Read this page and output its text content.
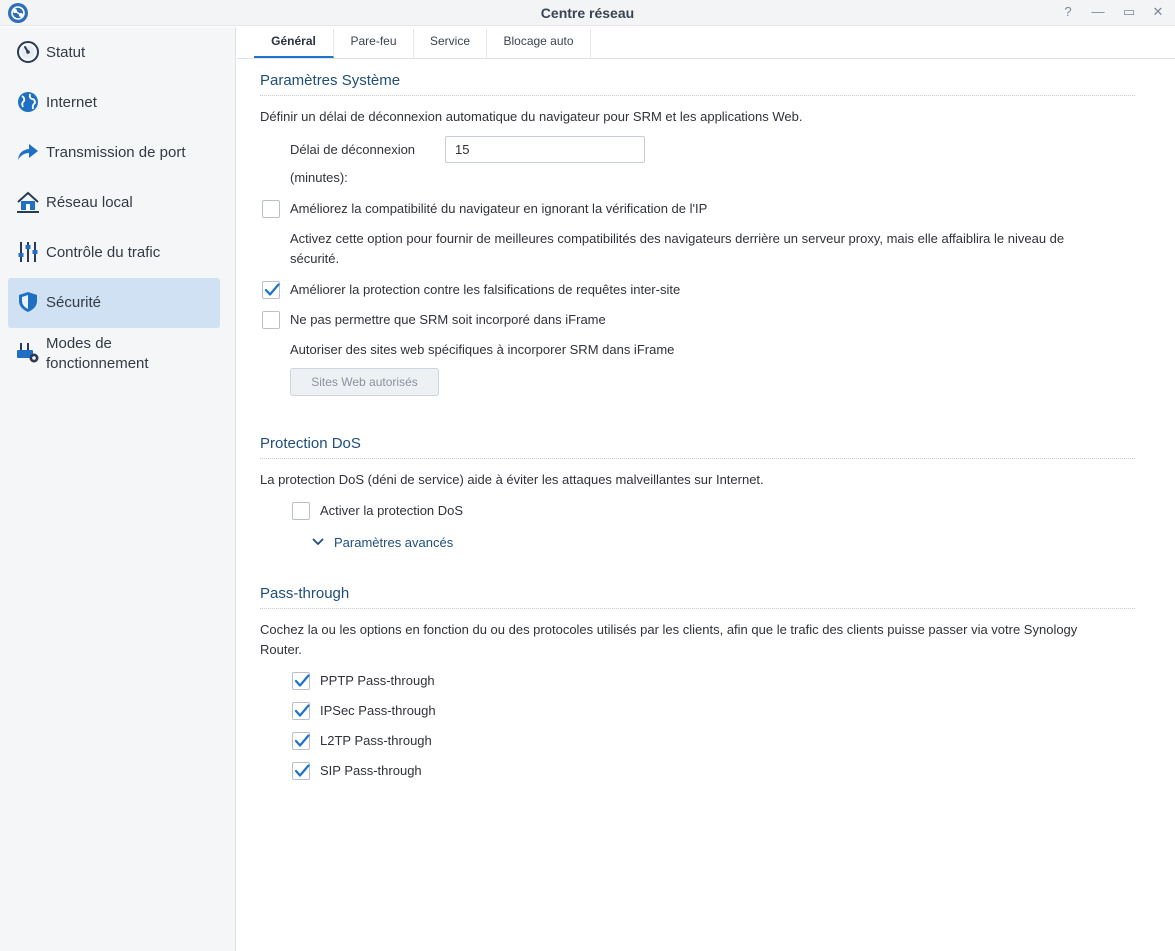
Centre réseau	?	— ▭	✕
Statut
Internet
Transmission de port
Réseau local
Contrôle du trafic
Sécurité
Modes de
fonctionnement
Général	Pare-feu	Service	Blocage auto
Paramètres Système
Définir un délai de déconnexion automatique du navigateur pour SRM et les applications Web.
Délai de déconnexion
(minutes):
15
Améliorez la compatibilité du navigateur en ignorant la vérification de l'IP
Activez cette option pour fournir de meilleures compatibilités des navigateurs derrière un serveur proxy, mais elle affaiblira le niveau de
sécurité.
Améliorer la protection contre les falsifications de requêtes inter-site
Ne pas permettre que SRM soit incorporé dans iFrame
Autoriser des sites web spécifiques à incorporer SRM dans iFrame
Sites Web autorisés
Protection DoS
La protection DoS (déni de service) aide à éviter les attaques malveillantes sur Internet.
Activer la protection DoS
Paramètres avancés
Pass-through
Cochez la ou les options en fonction du ou des protocoles utilisés par les clients, afin que le trafic des clients puisse passer via votre Synology
Router.
PPTP Pass-through
IPSec Pass-through
L2TP Pass-through
SIP Pass-through
